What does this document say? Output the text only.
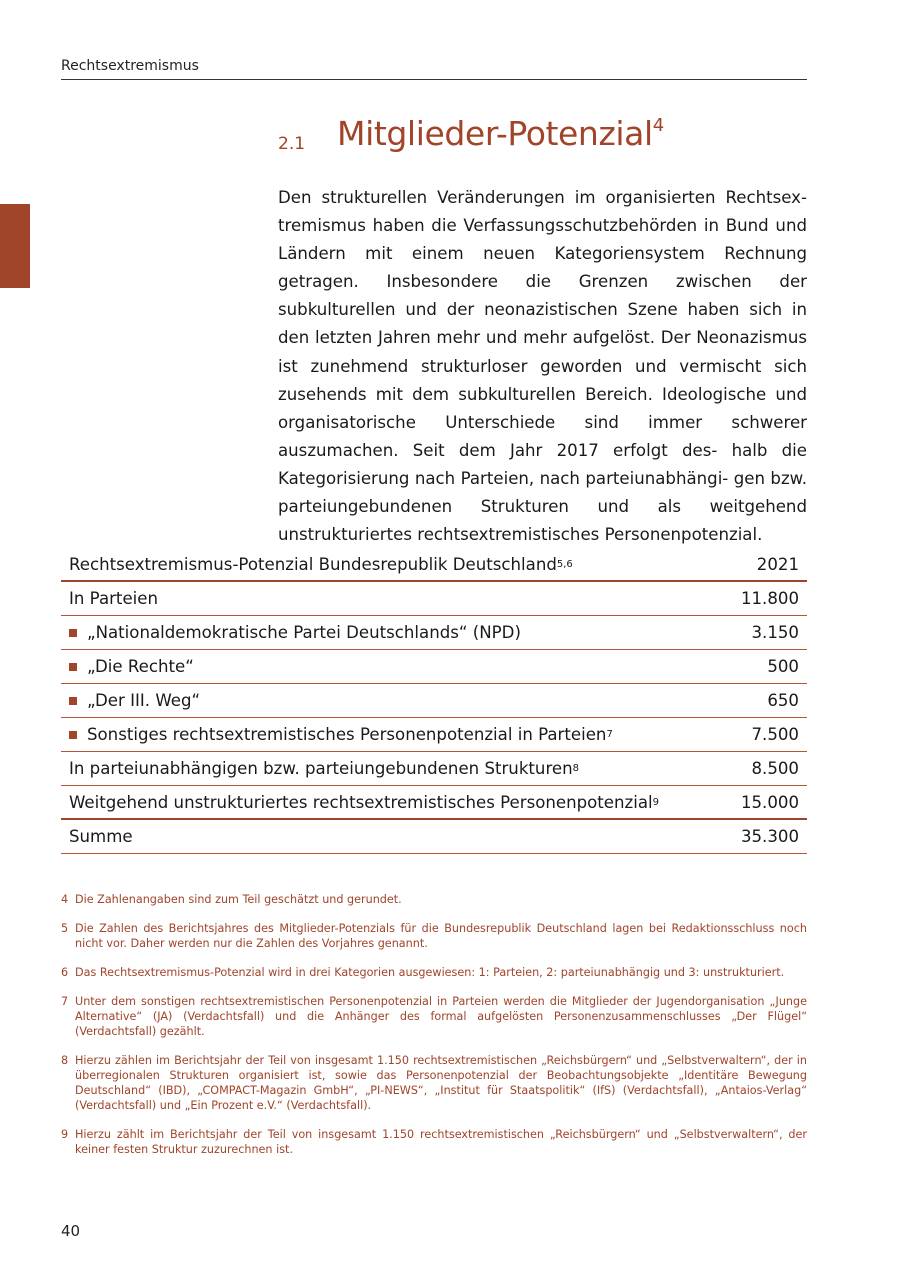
Rechtsextremismus
2.1 Mitglieder-Potenzial$^4$

Den strukturellen Veränderungen im organisierten Rechtsex- tremismus haben die Verfassungsschutzbehörden in Bund und Ländern mit einem neuen Kategoriensystem Rechnung getragen. Insbesondere die Grenzen zwischen der subkulturellen und der neonazistischen Szene haben sich in den letzten Jahren mehr und mehr aufgelöst. Der Neonazismus ist zunehmend strukturloser geworden und vermischt sich zusehends mit dem subkulturellen Bereich. Ideologische und organisatorische Unterschiede sind immer schwerer auszumachen. Seit dem Jahr 2017 erfolgt des- halb die Kategorisierung nach Parteien, nach parteiunabhängi- gen bzw. parteiungebundenen Strukturen und als weitgehend unstrukturiertes rechtsextremistisches Personenpotenzial.

Rechtsextremismus-Potenzial Bundesrepublik Deutschland 5,6	2021
In Parteien	11.800
„Nationaldemokratische Partei Deutschlands“ (NPD)	3.150
„Die Rechte“	500
„Der III. Weg“	650
Sonstiges rechtsextremistisches Personenpotenzial in Parteien 7	7.500
In parteiunabhängigen bzw. parteiungebundenen Strukturen 8	8.500
Weitgehend unstrukturiertes rechtsextremistisches Personenpotenzial 9	15.000
Summe	35.300
4 Die Zahlenangaben sind zum Teil geschätzt und gerundet.
5 Die Zahlen des Berichtsjahres des Mitglieder-Potenzials für die Bundesrepublik Deutschland lagen bei Redaktionsschluss noch nicht vor. Daher werden nur die Zahlen des Vorjahres genannt.
6 Das Rechtsextremismus-Potenzial wird in drei Kategorien ausgewiesen: 1: Parteien, 2: parteiunabhängig und 3: unstrukturiert.
7 Unter dem sonstigen rechtsextremistischen Personenpotenzial in Parteien werden die Mitglieder der Jugendorganisation „Junge Alternative“ (JA) (Verdachtsfall) und die Anhänger des formal aufgelösten Personenzusammenschlusses „Der Flügel“ (Verdachtsfall) gezählt.
8 Hierzu zählen im Berichtsjahr der Teil von insgesamt 1.150 rechtsextremistischen „Reichsbürgern“ und „Selbstverwaltern“, der in überregionalen Strukturen organisiert ist, sowie das Personenpotenzial der Beobachtungsobjekte „Identitäre Bewegung Deutschland“ (IBD), „COMPACT-Magazin GmbH“, „PI-NEWS“, „Institut für Staatspolitik“ (IfS) (Verdachtsfall), „Antaios-Verlag“ (Verdachtsfall) und „Ein Prozent e.V.“ (Verdachtsfall).
9 Hierzu zählt im Berichtsjahr der Teil von insgesamt 1.150 rechtsextremistischen „Reichsbürgern“ und „Selbstverwaltern“, der keiner festen Struktur zuzurechnen ist.
40
